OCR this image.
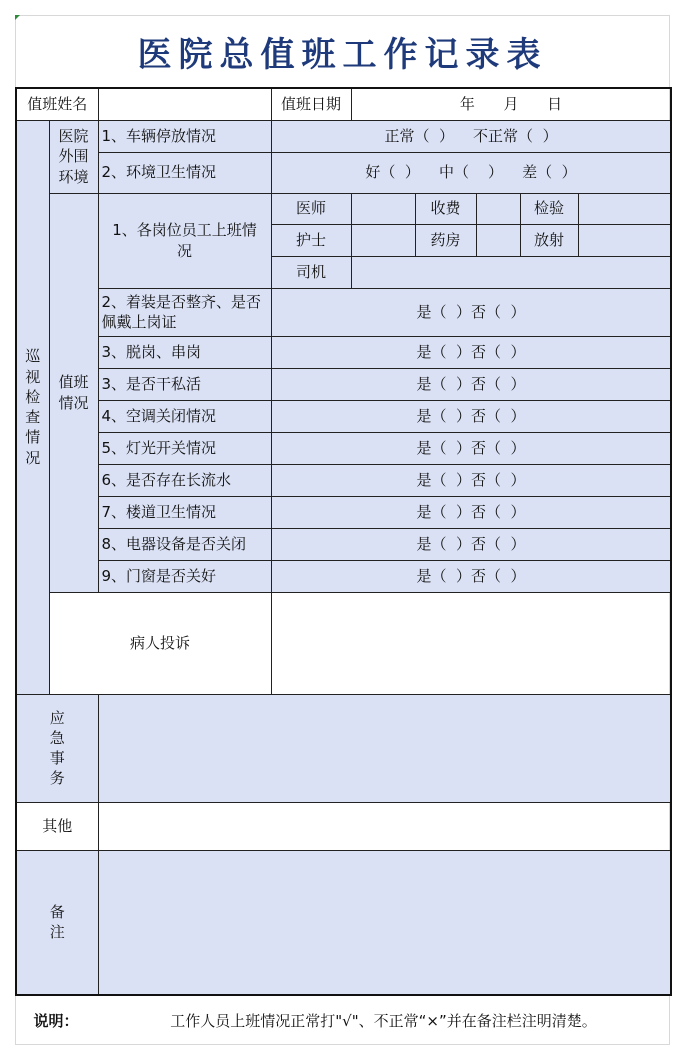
医院总值班工作记录表
值班姓名			值班日期	年      月      日				
巡视检查情况	医院外围环境	1、车辆停放情况	正常（  ）    不正常（  ）					
		2、环境卫生情况	好（  ）    中（    ）    差（  ）					
	值班情况	1、各岗位员工上班情况	医师		收费		检验	
			护士		药房		放射	
			司机					
		2、着装是否整齐、是否佩戴上岗证	是（  ）否（  ）					
		3、脱岗、串岗	是（  ）否（  ）					
		3、是否干私活	是（  ）否（  ）					
		4、空调关闭情况	是（  ）否（  ）					
		5、灯光开关情况	是（  ）否（  ）					
		6、是否存在长流水	是（  ）否（  ）					
		7、楼道卫生情况	是（  ）否（  ）					
		8、电器设备是否关闭	是（  ）否（  ）					
		9、门窗是否关好	是（  ）否（  ）					
	病人投诉							
应急事务								
其他								
备注								
说明：	工作人员上班情况正常打"√"、不正常“×”并在备注栏注明清楚。
